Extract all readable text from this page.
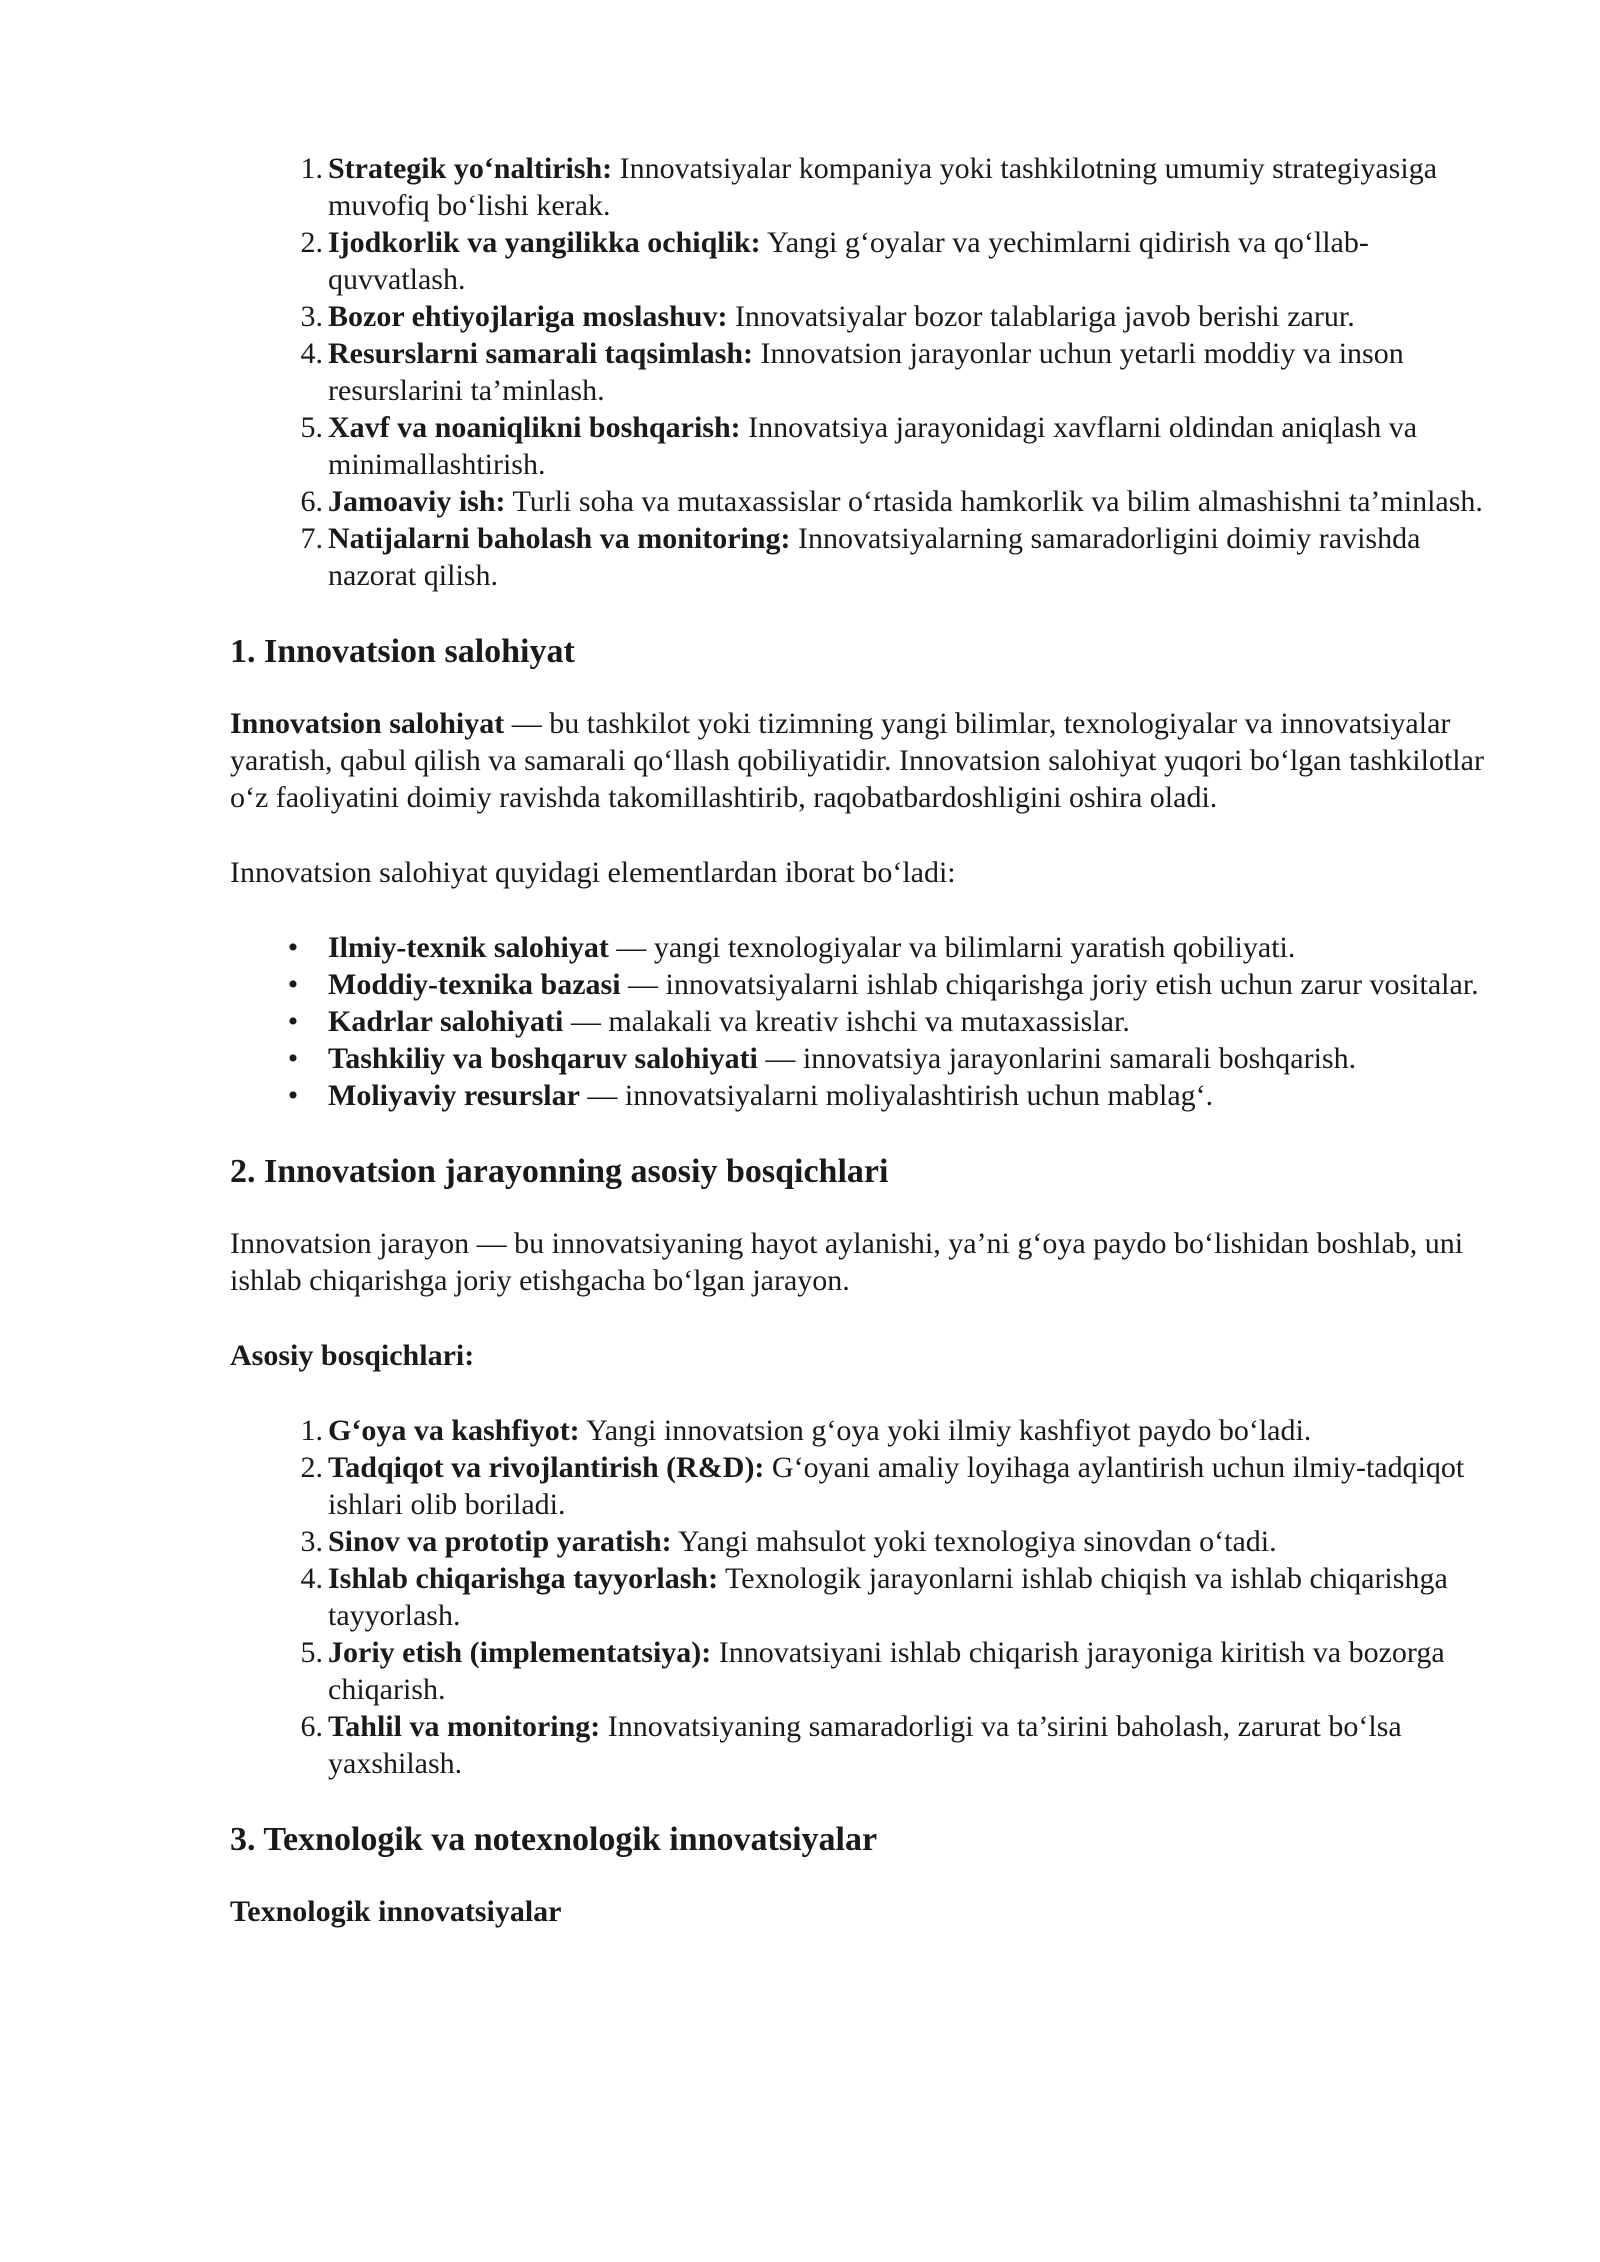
1. Strategik yo‘naltirish: Innovatsiyalar kompaniya yoki tashkilotning umumiy strategiyasiga muvofiq bo‘lishi kerak.
2. Ijodkorlik va yangilikka ochiqlik: Yangi g‘oyalar va yechimlarni qidirish va qo‘llab-quvvatlash.
3. Bozor ehtiyojlariga moslashuv: Innovatsiyalar bozor talablariga javob berishi zarur.
4. Resurslarni samarali taqsimlash: Innovatsion jarayonlar uchun yetarli moddiy va inson resurslarini ta’minlash.
5. Xavf va noaniqlikni boshqarish: Innovatsiya jarayonidagi xavflarni oldindan aniqlash va minimallashtirish.
6. Jamoaviy ish: Turli soha va mutaxassislar o‘rtasida hamkorlik va bilim almashishni ta’minlash.
7. Natijalarni baholash va monitoring: Innovatsiyalarning samaradorligini doimiy ravishda nazorat qilish.
1. Innovatsion salohiyat

Innovatsion salohiyat — bu tashkilot yoki tizimning yangi bilimlar, texnologiyalar va innovatsiyalar yaratish, qabul qilish va samarali qo‘llash qobiliyatidir. Innovatsion salohiyat yuqori bo‘lgan tashkilotlar o‘z faoliyatini doimiy ravishda takomillashtirib, raqobatbardoshligini oshira oladi.

Innovatsion salohiyat quyidagi elementlardan iborat bo‘ladi:

• Ilmiy-texnik salohiyat — yangi texnologiyalar va bilimlarni yaratish qobiliyati.
• Moddiy-texnika bazasi — innovatsiyalarni ishlab chiqarishga joriy etish uchun zarur vositalar.
• Kadrlar salohiyati — malakali va kreativ ishchi va mutaxassislar.
• Tashkiliy va boshqaruv salohiyati — innovatsiya jarayonlarini samarali boshqarish.
• Moliyaviy resurslar — innovatsiyalarni moliyalashtirish uchun mablag‘.
2. Innovatsion jarayonning asosiy bosqichlari

Innovatsion jarayon — bu innovatsiyaning hayot aylanishi, ya’ni g‘oya paydo bo‘lishidan boshlab, uni ishlab chiqarishga joriy etishgacha bo‘lgan jarayon.

Asosiy bosqichlari:

1. G‘oya va kashfiyot: Yangi innovatsion g‘oya yoki ilmiy kashfiyot paydo bo‘ladi.
2. Tadqiqot va rivojlantirish (R&D): G‘oyani amaliy loyihaga aylantirish uchun ilmiy-tadqiqot ishlari olib boriladi.
3. Sinov va prototip yaratish: Yangi mahsulot yoki texnologiya sinovdan o‘tadi.
4. Ishlab chiqarishga tayyorlash: Texnologik jarayonlarni ishlab chiqish va ishlab chiqarishga tayyorlash.
5. Joriy etish (implementatsiya): Innovatsiyani ishlab chiqarish jarayoniga kiritish va bozorga chiqarish.
6. Tahlil va monitoring: Innovatsiyaning samaradorligi va ta’sirini baholash, zarurat bo‘lsa yaxshilash.
3. Texnologik va notexnologik innovatsiyalar

Texnologik innovatsiyalar
